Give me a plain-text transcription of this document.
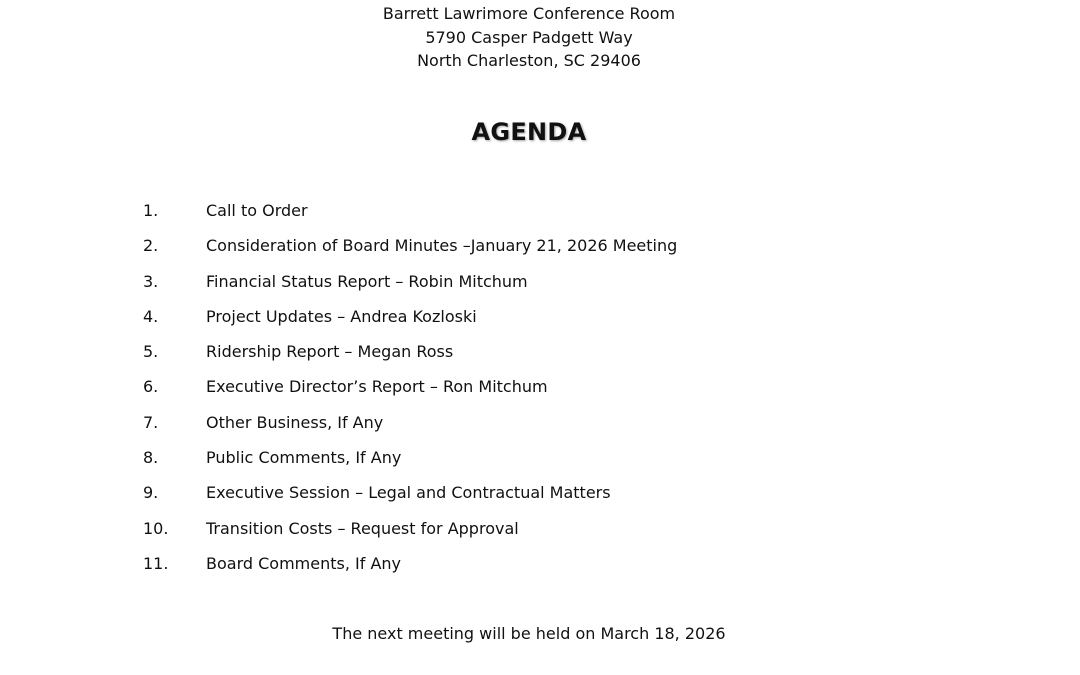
Barrett Lawrimore Conference Room
5790 Casper Padgett Way
North Charleston, SC 29406
AGENDA
1.	Call to Order
2.	Consideration of Board Minutes –January 21, 2026 Meeting
3.	Financial Status Report – Robin Mitchum
4.	Project Updates – Andrea Kozloski
5.	Ridership Report – Megan Ross
6.	Executive Director’s Report – Ron Mitchum
7.	Other Business, If Any
8.	Public Comments, If Any
9.	Executive Session – Legal and Contractual Matters
10.	Transition Costs – Request for Approval
11.	Board Comments, If Any
The next meeting will be held on March 18, 2026
